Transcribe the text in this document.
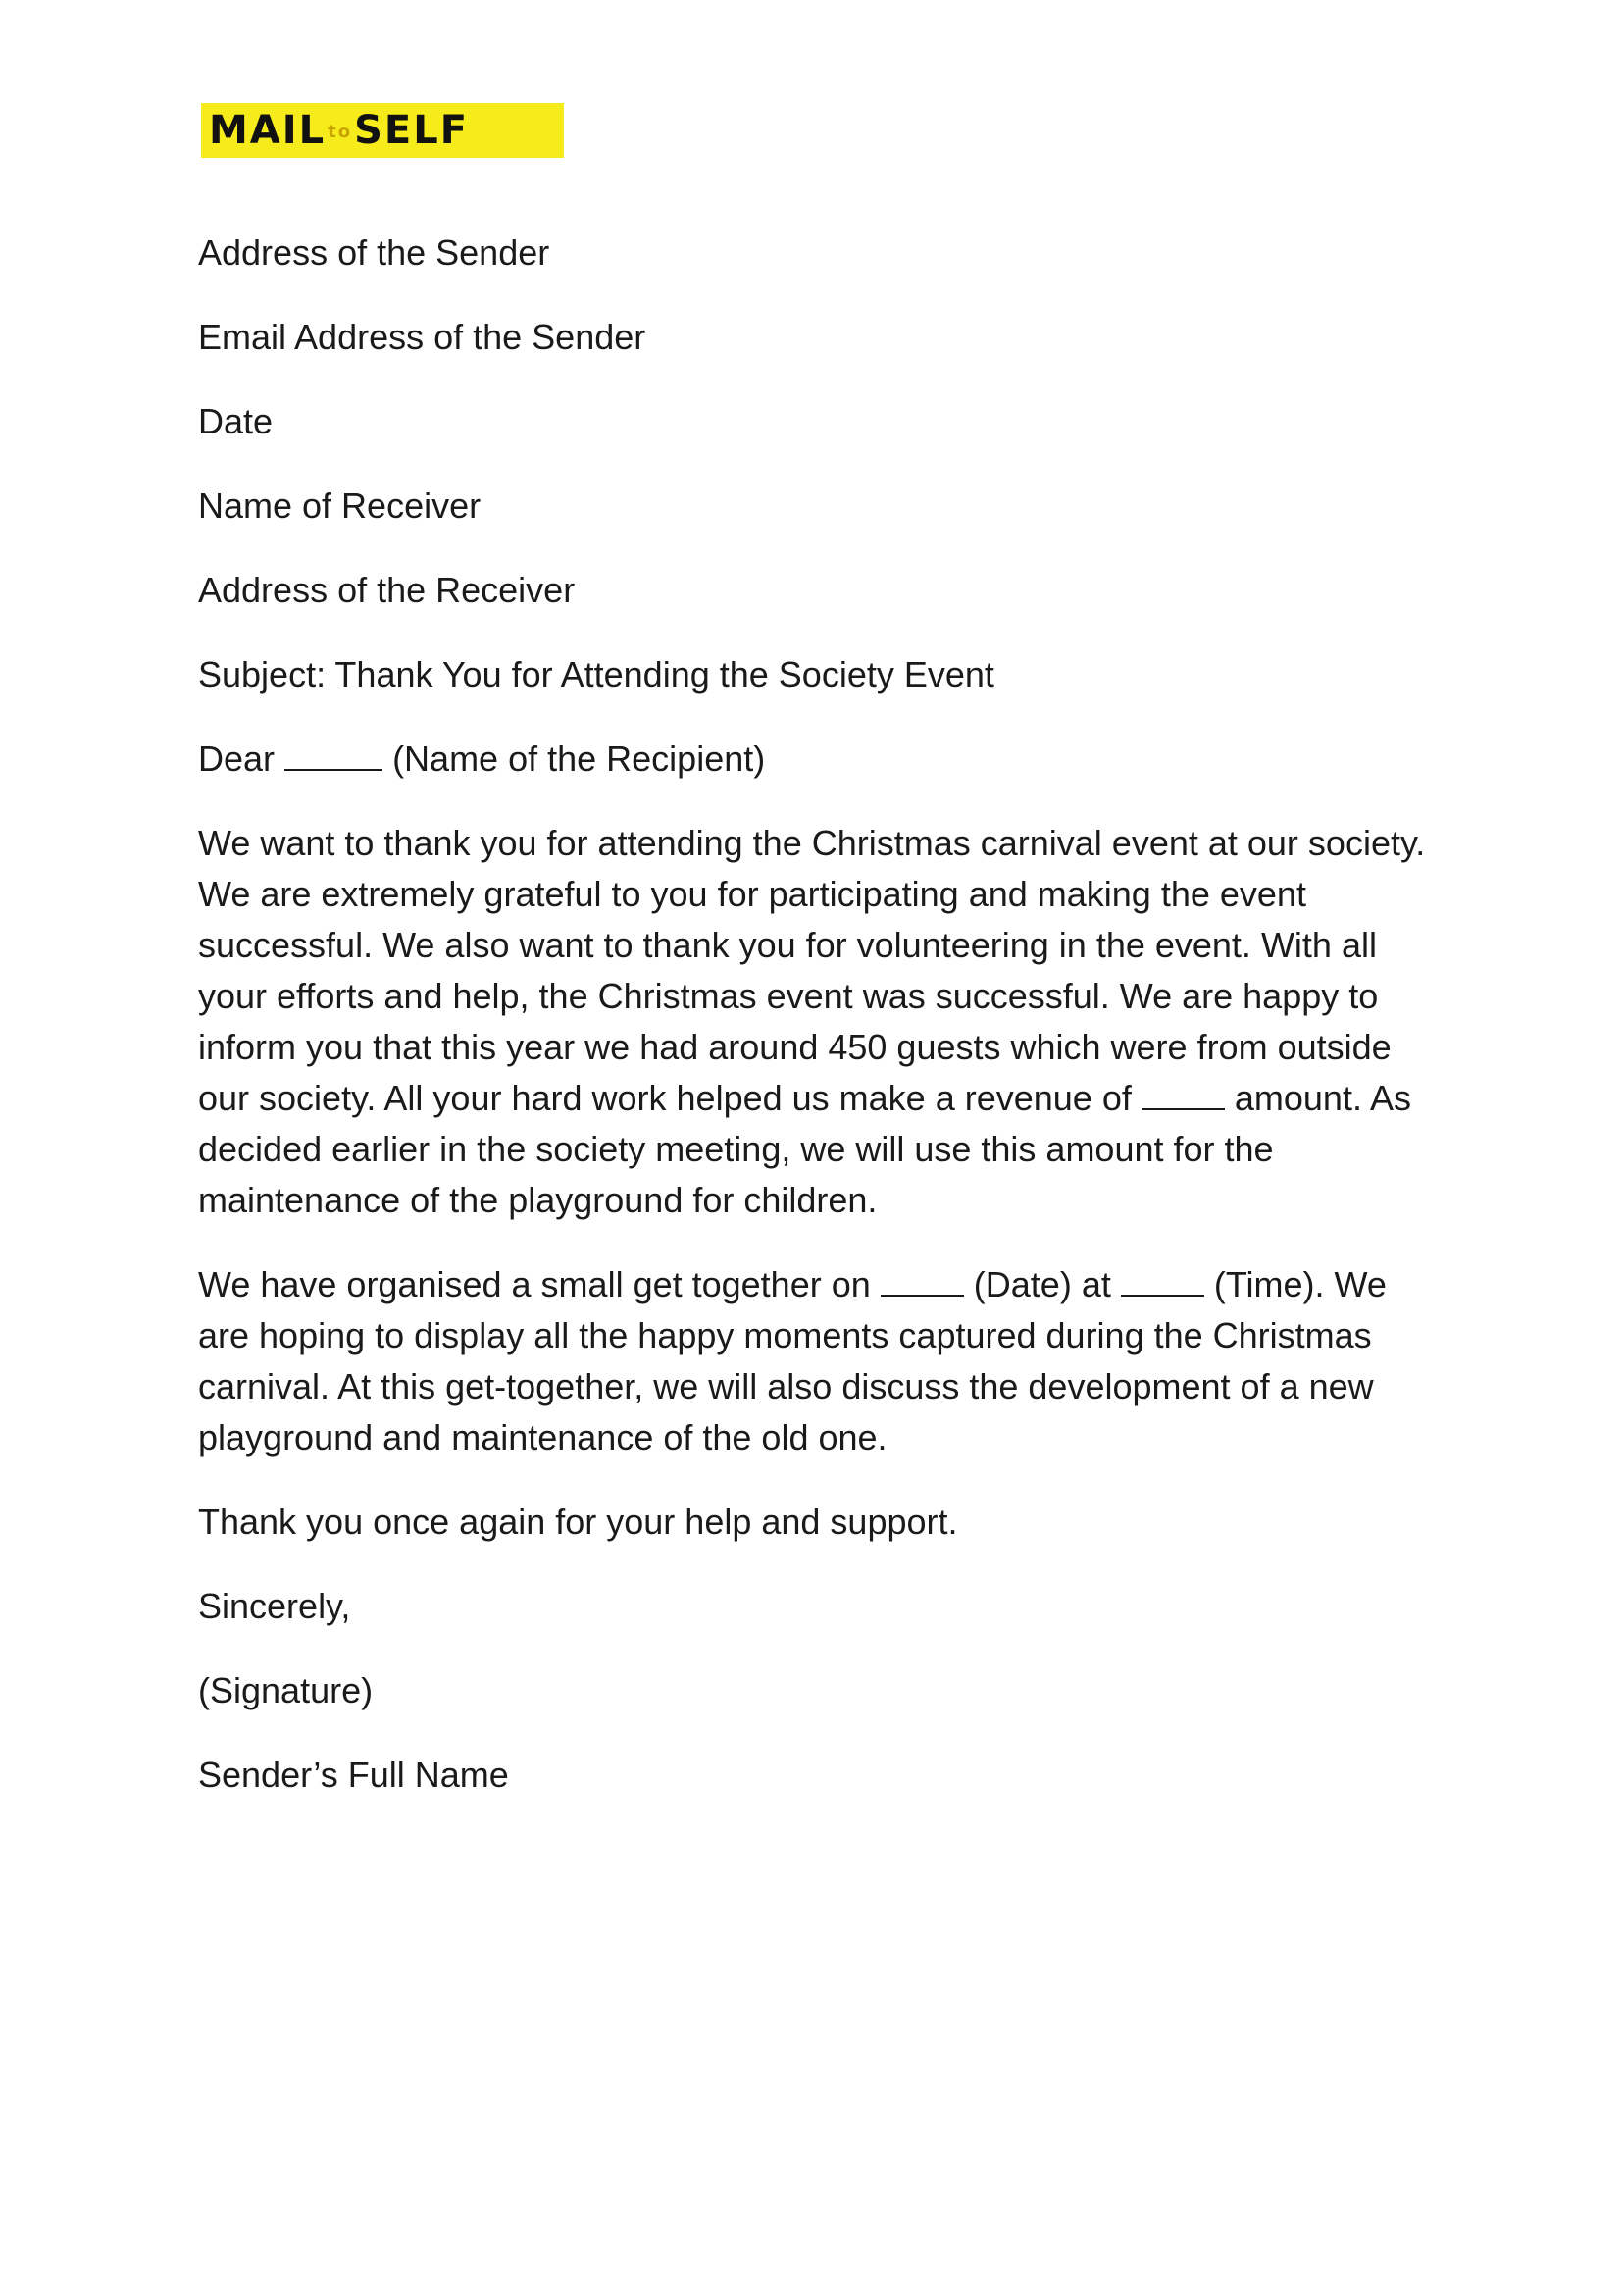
MAIL toSELF
Address of the Sender
Email Address of the Sender
Date
Name of Receiver
Address of the Receiver
Subject: Thank You for Attending the Society Event
Dear	(Name of the Recipient)
We want to thank you for attending the Christmas carnival event at our society. We are extremely grateful to you for participating and making the event successful. We also want to thank you for volunteering in the event. With all your efforts and help, the Christmas event was successful. We are happy to inform you that this year we had around 450 guests which were from outside our society. All your hard work helped us make a revenue of	amount. As decided earlier in the society meeting, we will use this amount for the maintenance of the playground for children.
We have organised a small get together on	(Date) at	(Time). We are hoping to display all the happy moments captured during the Christmas carnival. At this get-together, we will also discuss the development of a new playground and maintenance of the old one.
Thank you once again for your help and support.
Sincerely,
(Signature)
Sender’s Full Name
